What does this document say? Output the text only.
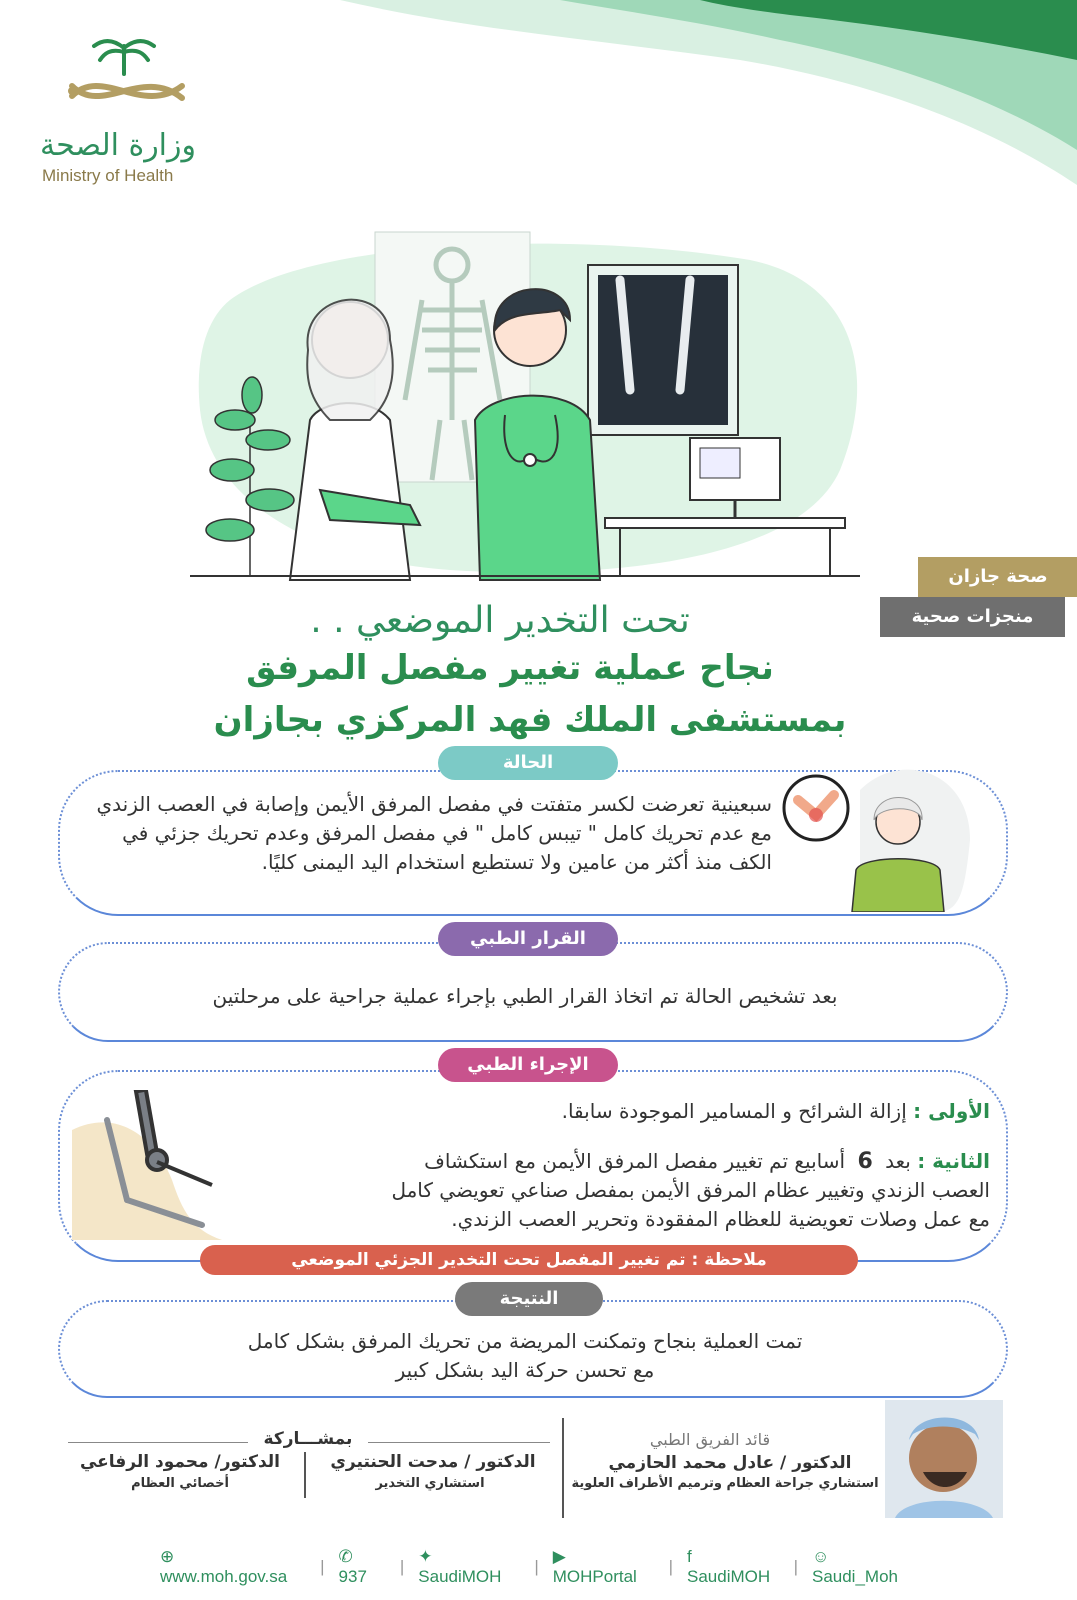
وزارة الصحة
Ministry of Health
صحة جازان
منجزات صحية
تحت التخدير الموضعي . .
نجاح عملية تغيير مفصل المرفق
بمستشفى الملك فهد المركزي بجازان
الحالة
سبعينية تعرضت لكسر متفتت في مفصل المرفق الأيمن وإصابة في العصب الزندي مع عدم تحريك كامل " تيبس كامل " في مفصل المرفق وعدم تحريك جزئي في الكف منذ أكثر من عامين ولا تستطيع استخدام اليد اليمنى كليًا.
القرار الطبي
بعد تشخيص الحالة تم اتخاذ القرار الطبي بإجراء عملية جراحية على مرحلتين
الإجراء الطبي
الأولى : إزالة الشرائح و المسامير الموجودة سابقا.
الثانية : بعد 6 أسابيع تم تغيير مفصل المرفق الأيمن مع استكشاف
العصب الزندي وتغيير عظام المرفق الأيمن بمفصل صناعي تعويضي كامل
مع عمل وصلات تعويضية للعظام المفقودة وتحرير العصب الزندي.
ملاحظة : تم تغيير المفصل تحت التخدير الجزئي الموضعي
النتيجة
تمت العملية بنجاح وتمكنت المريضة من تحريك المرفق بشكل كامل
مع تحسن حركة اليد بشكل كبير
قائد الفريق الطبي
الدكتور / عادل محمد الحازمي
استشاري جراحة العظام وترميم الأطراف العلوية
بمشـــاركة
الدكتور / مدحت الحنتيري
استشاري التخدير
الدكتور/ محمود الرفاعي
أخصائي العظام
⊕ www.moh.gov.sa
|
✆ 937
|
✦ SaudiMOH
|
▶ MOHPortal
|
f SaudiMOH
|
☺ Saudi_Moh
